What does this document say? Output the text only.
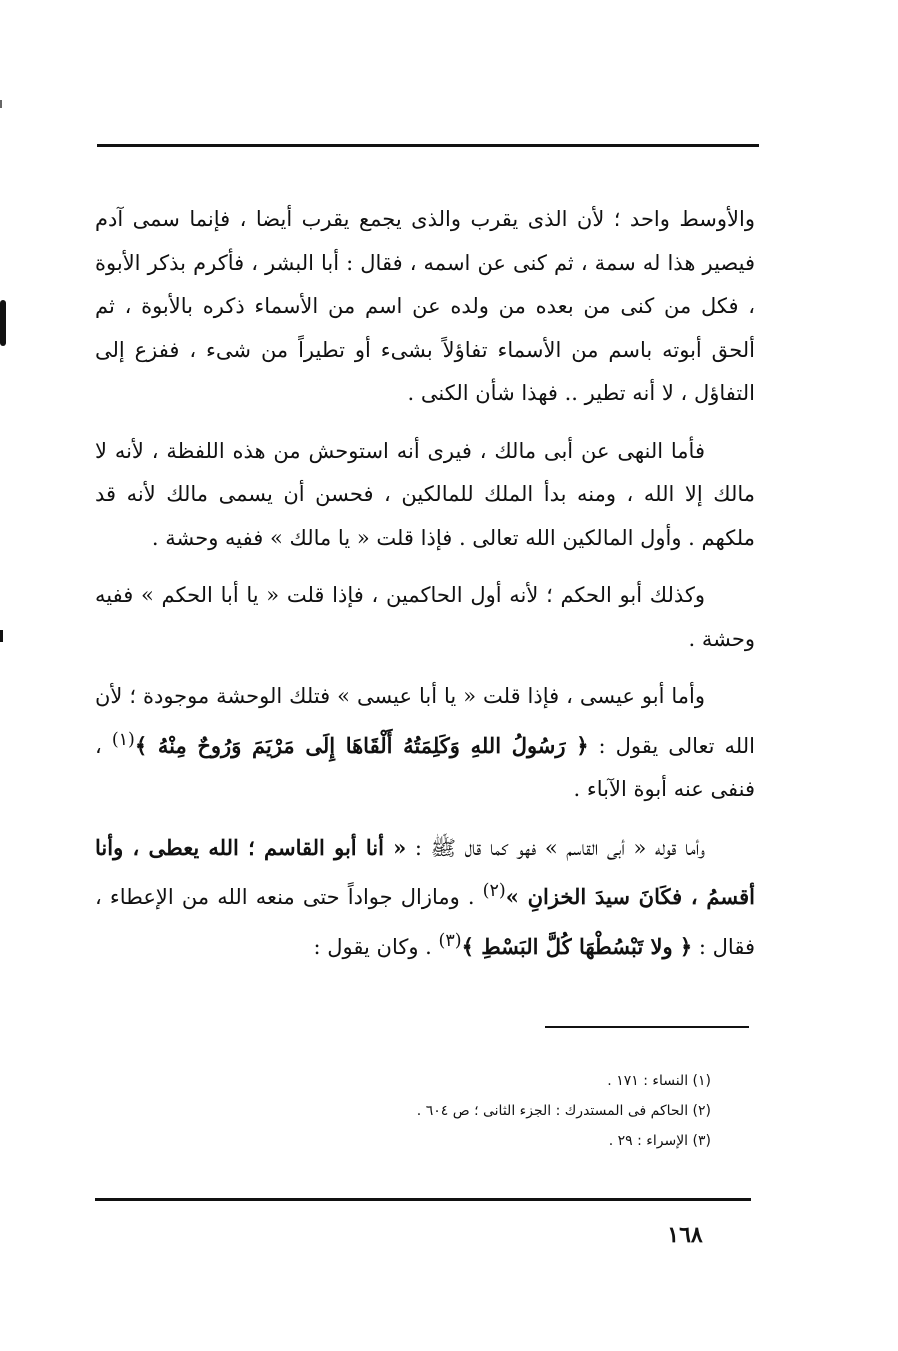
والأوسط واحد ؛ لأن الذى يقرب والذى يجمع يقرب أيضا ، فإنما سمى آدم فيصير هذا له سمة ، ثم كنى عن اسمه ، فقال : أبا البشر ، فأكرم بذكر الأبوة ، فكل من كنى من بعده من ولده عن اسم من الأسماء ذكره بالأبوة ، ثم ألحق أبوته باسم من الأسماء تفاؤلاً بشىء أو تطيراً من شىء ، ففزع إلى التفاؤل ، لا أنه تطير .. فهذا شأن الكنى .

فأما النهى عن أبى مالك ، فيرى أنه استوحش من هذه اللفظة ، لأنه لا مالك إلا الله ، ومنه بدأ الملك للمالكين ، فحسن أن يسمى مالك لأنه قد ملكهم . وأول المالكين الله تعالى . فإذا قلت « يا مالك » ففيه وحشة .

وكذلك أبو الحكم ؛ لأنه أول الحاكمين ، فإذا قلت « يا أبا الحكم » ففيه وحشة .

وأما أبو عيسى ، فإذا قلت « يا أبا عيسى » فتلك الوحشة موجودة ؛ لأن الله تعالى يقول : ﴿ رَسُولُ اللهِ وَكَلِمَتُهُ أَلْقَاهَا إِلَى مَرْيَمَ وَرُوحٌ مِنْهُ ﴾$^{(١)}$ ، فنفى عنه أبوة الآباء .

وأما قوله « أبى القاسم » فهو كما قال ﷺ : « أنا أبو القاسم ؛ الله يعطى ، وأنا أقسمُ ، فكَانَ سيدَ الخزانِ »$^{(٢)}$ . ومازال جواداً حتى منعه الله من الإعطاء ، فقال : ﴿ ولا تَبْسُطْهَا كُلَّ البَسْطِ ﴾$^{(٣)}$ . وكان يقول :

(١) النساء : ١٧١ .
(٢) الحاكم فى المستدرك : الجزء الثانى ؛ ص ٦٠٤ .
(٣) الإسراء : ٢٩ .
١٦٨
